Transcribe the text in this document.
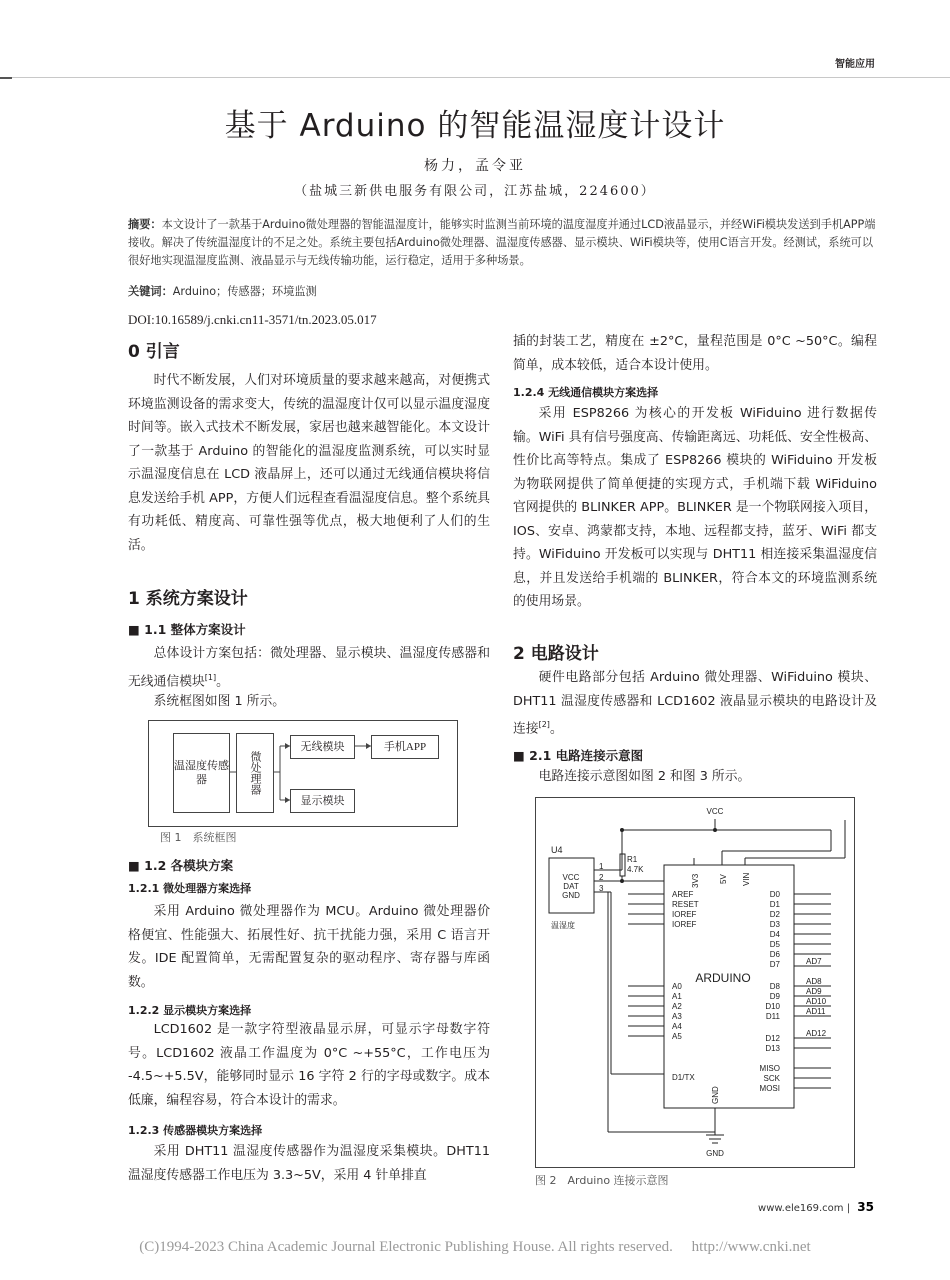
智能应用
基于 Arduino 的智能温湿度计设计
杨力，孟令亚
（盐城三新供电服务有限公司，江苏盐城，224600）
摘要：本文设计了一款基于Arduino微处理器的智能温湿度计，能够实时监测当前环境的温度湿度并通过LCD液晶显示，并经WiFi模块发送到手机APP端接收。解决了传统温湿度计的不足之处。系统主要包括Arduino微处理器、温湿度传感器、显示模块、WiFi模块等，使用C语言开发。经测试，系统可以很好地实现温湿度监测、液晶显示与无线传输功能，运行稳定，适用于多种场景。
关键词：Arduino；传感器；环境监测
DOI:10.16589/j.cnki.cn11-3571/tn.2023.05.017
0 引言
时代不断发展，人们对环境质量的要求越来越高，对便携式环境监测设备的需求变大，传统的温湿度计仅可以显示温度湿度时间等。嵌入式技术不断发展，家居也越来越智能化。本文设计了一款基于 Arduino 的智能化的温湿度监测系统，可以实时显示温湿度信息在 LCD 液晶屏上，还可以通过无线通信模块将信息发送给手机 APP，方便人们远程查看温湿度信息。整个系统具有功耗低、精度高、可靠性强等优点，极大地便利了人们的生活。
1 系统方案设计
■ 1.1 整体方案设计
总体设计方案包括：微处理器、显示模块、温湿度传感器和无线通信模块[1]。
系统框图如图 1 所示。
温湿度传感器	微处理器
无线模块	手机APP
显示模块
图 1　系统框图
■ 1.2 各模块方案
1.2.1 微处理器方案选择
采用 Arduino 微处理器作为 MCU。Arduino 微处理器价格便宜、性能强大、拓展性好、抗干扰能力强，采用 C 语言开发。IDE 配置简单，无需配置复杂的驱动程序、寄存器与库函数。
1.2.2 显示模块方案选择
LCD1602 是一款字符型液晶显示屏，可显示字母数字符号。LCD1602 液晶工作温度为 0°C ~+55°C，工作电压为 -4.5~+5.5V，能够同时显示 16 字符 2 行的字母或数字。成本低廉，编程容易，符合本设计的需求。
1.2.3 传感器模块方案选择
采用 DHT11 温湿度传感器作为温湿度采集模块。DHT11 温湿度传感器工作电压为 3.3~5V，采用 4 针单排直
插的封装工艺，精度在 ±2°C，量程范围是 0°C ~50°C。编程简单，成本较低，适合本设计使用。
1.2.4 无线通信模块方案选择
采用 ESP8266 为核心的开发板 WiFiduino 进行数据传输。WiFi 具有信号强度高、传输距离远、功耗低、安全性极高、性价比高等特点。集成了 ESP8266 模块的 WiFiduino 开发板为物联网提供了简单便捷的实现方式，手机端下载 WiFiduino 官网提供的 BLINKER APP。BLINKER 是一个物联网接入项目，IOS、安卓、鸿蒙都支持，本地、远程都支持，蓝牙、WiFi 都支持。WiFiduino 开发板可以实现与 DHT11 相连接采集温湿度信息，并且发送给手机端的 BLINKER，符合本文的环境监测系统的使用场景。
2 电路设计
硬件电路部分包括 Arduino 微处理器、WiFiduino 模块、DHT11 温湿度传感器和 LCD1602 液晶显示模块的电路设计及连接[2]。
■ 2.1 电路连接示意图
电路连接示意图如图 2 和图 3 所示。
VCC
U4
VCC
DAT
GND
1
2
3
温湿度
R1
4.7K
3V3 5V VIN
AREF
RESET
IOREF
IOREF
A0
A1
A2
A3
A4
A5
D1/TX
D0
D1
D2
D3
D4
D5
D6
D7
D8
D9
D10
D11
D12
D13
MISO
SCK
MOSI
AD7
AD8
AD9
AD10
AD11
AD12
ARDUINO
GND
GND
图 2　Arduino 连接示意图
www.ele169.com | 35
(C)1994-2023 China Academic Journal Electronic Publishing House. All rights reserved.　 http://www.cnki.net
